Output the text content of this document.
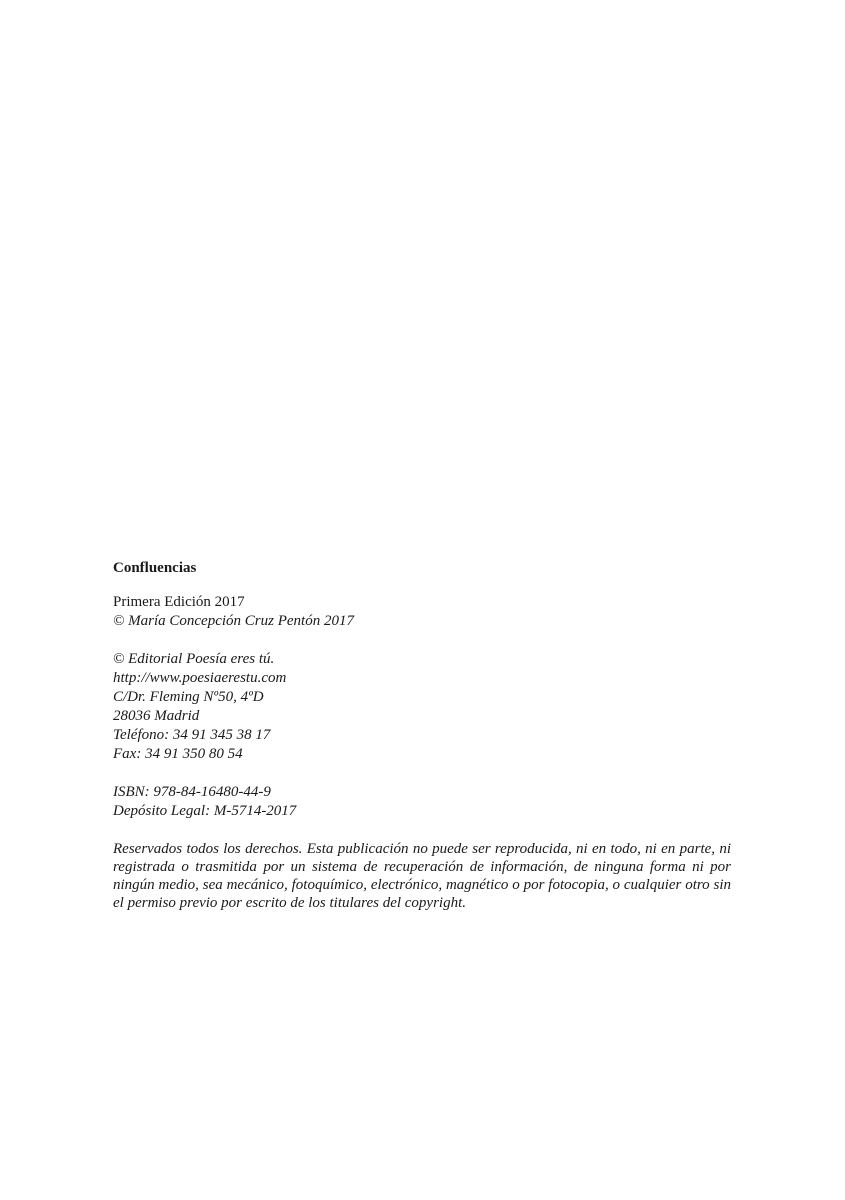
Confluencias

Primera Edición 2017
© María Concepción Cruz Pentón 2017
© Editorial Poesía eres tú.
http://www.poesiaerestu.com
C/Dr. Fleming Nº50, 4ºD
28036 Madrid
Teléfono: 34 91 345 38 17
Fax: 34 91 350 80 54
ISBN: 978-84-16480-44-9
Depósito Legal: M-5714-2017

Reservados todos los derechos. Esta publicación no puede ser reproducida, ni en todo, ni en parte, ni registrada o trasmitida por un sistema de recuperación de información, de ninguna forma ni por ningún medio, sea mecánico, fotoquímico, electrónico, magnético o por fotocopia, o cualquier otro sin el permiso previo por escrito de los titulares del copyright.
